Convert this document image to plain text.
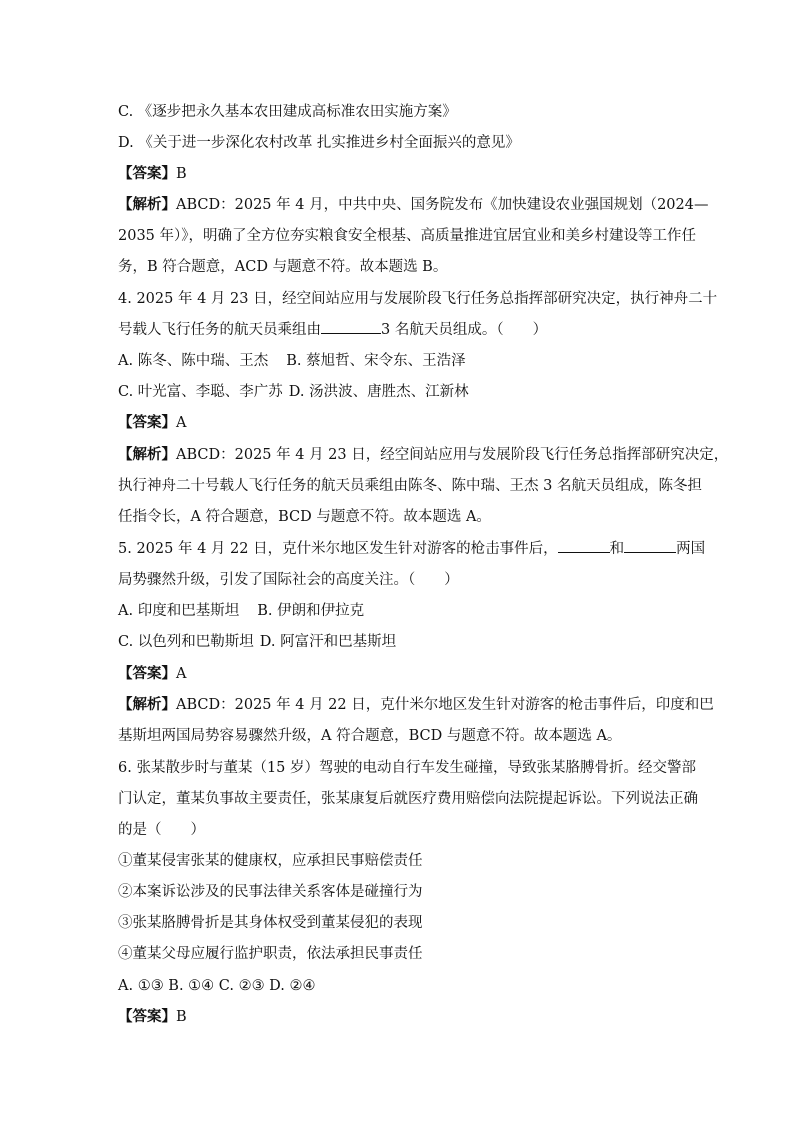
C. 《逐步把永久基本农田建成高标准农田实施方案》
D. 《关于进一步深化农村改革 扎实推进乡村全面振兴的意见》
【答案】B
【解析】ABCD：2025 年 4 月，中共中央、国务院发布《加快建设农业强国规划（2024—
2035 年）》，明确了全方位夯实粮食安全根基、高质量推进宜居宜业和美乡村建设等工作任
务，B 符合题意，ACD 与题意不符。故本题选 B。
4. 2025 年 4 月 23 日，经空间站应用与发展阶段飞行任务总指挥部研究决定，执行神舟二十
号载人飞行任务的航天员乘组由	3 名航天员组成。（　　）
A. 陈冬、陈中瑞、王杰 B. 蔡旭哲、宋令东、王浩泽
C. 叶光富、李聪、李广苏 D. 汤洪波、唐胜杰、江新林
【答案】A
【解析】ABCD：2025 年 4 月 23 日，经空间站应用与发展阶段飞行任务总指挥部研究决定，
执行神舟二十号载人飞行任务的航天员乘组由陈冬、陈中瑞、王杰 3 名航天员组成，陈冬担
任指令长，A 符合题意，BCD 与题意不符。故本题选 A。
5. 2025 年 4 月 22 日，克什米尔地区发生针对游客的枪击事件后，	和	两国
局势骤然升级，引发了国际社会的高度关注。（　　）
A. 印度和巴基斯坦 B. 伊朗和伊拉克
C. 以色列和巴勒斯坦 D. 阿富汗和巴基斯坦
【答案】A
【解析】ABCD：2025 年 4 月 22 日，克什米尔地区发生针对游客的枪击事件后，印度和巴
基斯坦两国局势容易骤然升级，A 符合题意，BCD 与题意不符。故本题选 A。
6. 张某散步时与董某（15 岁）驾驶的电动自行车发生碰撞，导致张某胳膊骨折。经交警部
门认定，董某负事故主要责任，张某康复后就医疗费用赔偿向法院提起诉讼。下列说法正确
的是（　　）
①董某侵害张某的健康权，应承担民事赔偿责任
②本案诉讼涉及的民事法律关系客体是碰撞行为
③张某胳膊骨折是其身体权受到董某侵犯的表现
④董某父母应履行监护职责，依法承担民事责任
A. ①③ B. ①④ C. ②③ D. ②④
【答案】B
